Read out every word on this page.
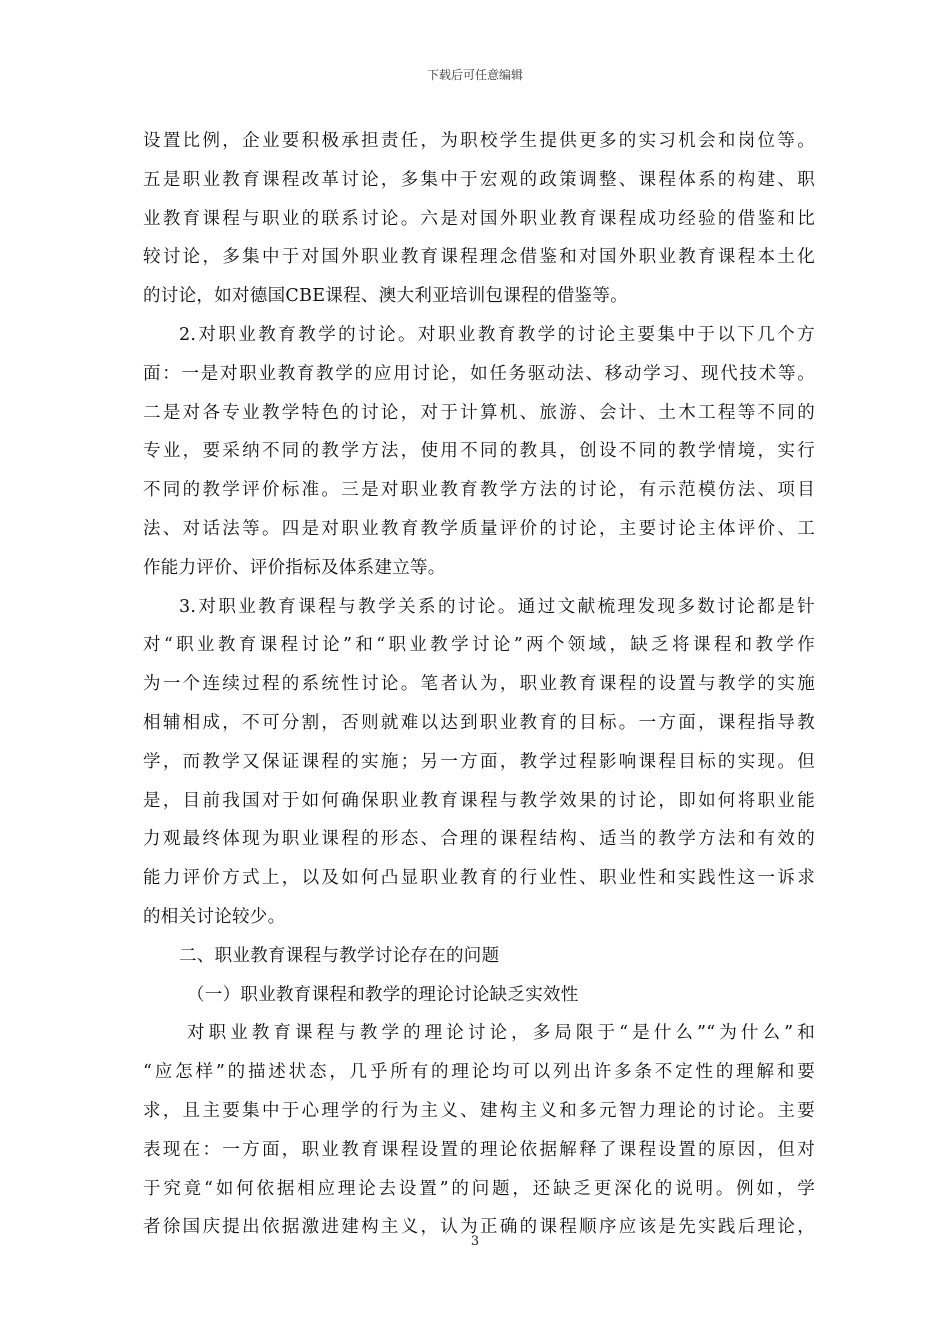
下载后可任意编辑
设置比例，企业要积极承担责任，为职校学生提供更多的实习机会和岗位等。
五是职业教育课程改革讨论，多集中于宏观的政策调整、课程体系的构建、职
业教育课程与职业的联系讨论。六是对国外职业教育课程成功经验的借鉴和比
较讨论，多集中于对国外职业教育课程理念借鉴和对国外职业教育课程本土化
的讨论，如对德国CBE课程、澳大利亚培训包课程的借鉴等。
2.对职业教育教学的讨论。对职业教育教学的讨论主要集中于以下几个方
面：一是对职业教育教学的应用讨论，如任务驱动法、移动学习、现代技术等。
二是对各专业教学特色的讨论，对于计算机、旅游、会计、土木工程等不同的
专业，要采纳不同的教学方法，使用不同的教具，创设不同的教学情境，实行
不同的教学评价标准。三是对职业教育教学方法的讨论，有示范模仿法、项目
法、对话法等。四是对职业教育教学质量评价的讨论，主要讨论主体评价、工
作能力评价、评价指标及体系建立等。
3.对职业教育课程与教学关系的讨论。通过文献梳理发现多数讨论都是针
对“职业教育课程讨论”和“职业教学讨论”两个领域，缺乏将课程和教学作
为一个连续过程的系统性讨论。笔者认为，职业教育课程的设置与教学的实施
相辅相成，不可分割，否则就难以达到职业教育的目标。一方面，课程指导教
学，而教学又保证课程的实施；另一方面，教学过程影响课程目标的实现。但
是，目前我国对于如何确保职业教育课程与教学效果的讨论，即如何将职业能
力观最终体现为职业课程的形态、合理的课程结构、适当的教学方法和有效的
能力评价方式上，以及如何凸显职业教育的行业性、职业性和实践性这一诉求
的相关讨论较少。
二、职业教育课程与教学讨论存在的问题
（一）职业教育课程和教学的理论讨论缺乏实效性
对职业教育课程与教学的理论讨论，多局限于“是什么”“为什么”和
“应怎样”的描述状态，几乎所有的理论均可以列出许多条不定性的理解和要
求，且主要集中于心理学的行为主义、建构主义和多元智力理论的讨论。主要
表现在：一方面，职业教育课程设置的理论依据解释了课程设置的原因，但对
于究竟“如何依据相应理论去设置”的问题，还缺乏更深化的说明。例如，学
者徐国庆提出依据激进建构主义，认为正确的课程顺序应该是先实践后理论，
3
